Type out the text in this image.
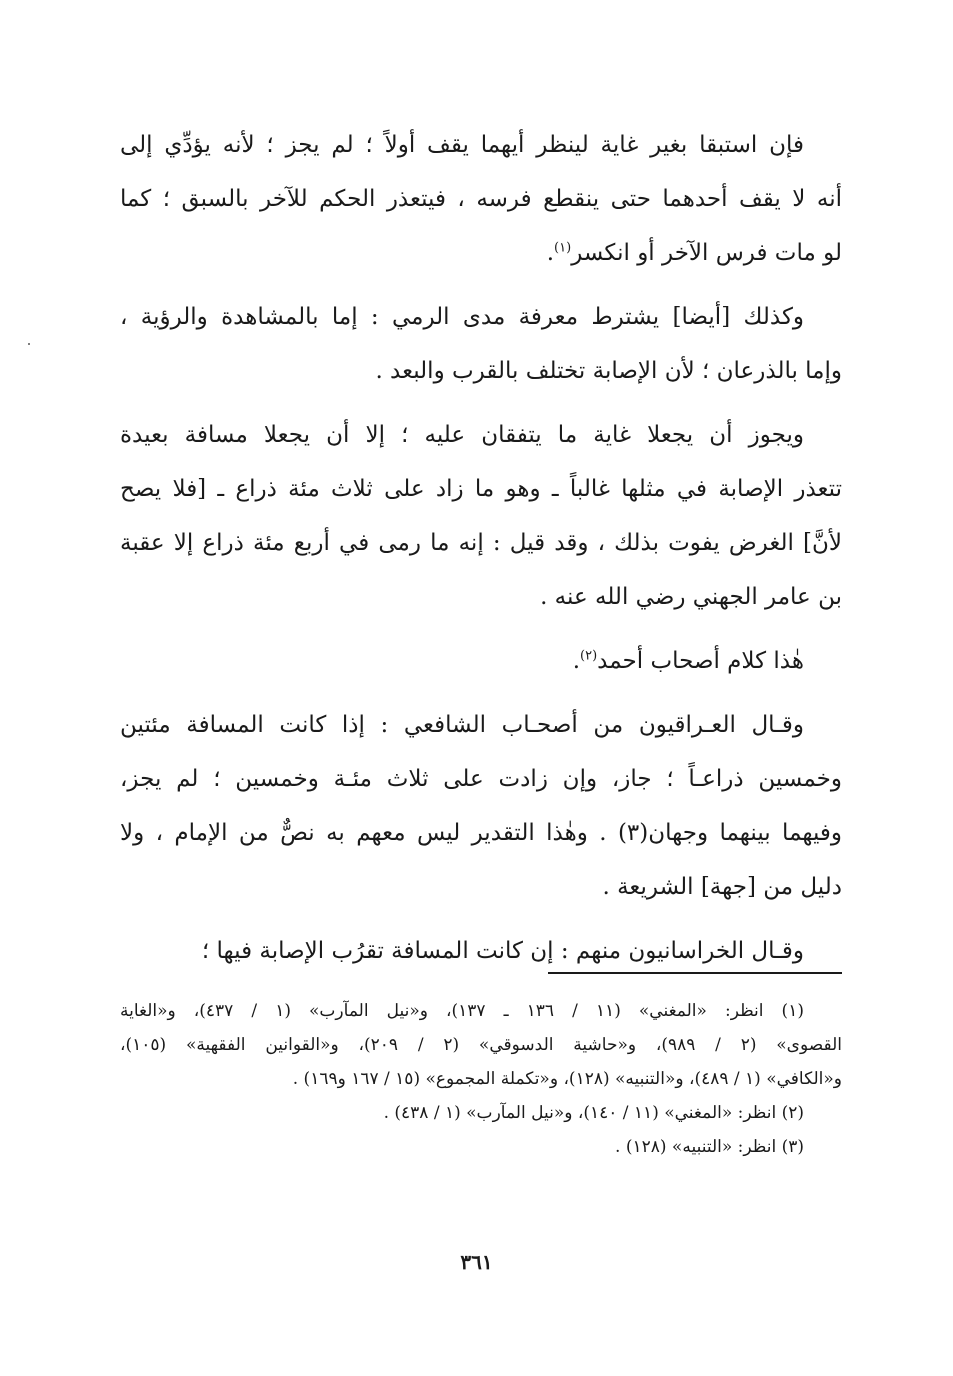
فإن استبقا بغير غاية لينظر أيهما يقف أولاً ؛ لم يجز ؛ لأنه يؤدِّي إلى
أنه لا يقف أحدهما حتى ينقطع فرسه ، فيتعذر الحكم للآخر بالسبق ؛ كما
لو مات فرس الآخر أو انكسر$^{(١)}$.

وكذلك [أيضا] يشترط معرفة مدى الرمي : إما بالمشاهدة والرؤية ،
وإما بالذرعان ؛ لأن الإصابة تختلف بالقرب والبعد .

ويجوز أن يجعلا غاية ما يتفقان عليه ؛ إلا أن يجعلا مسافة بعيدة
تتعذر الإصابة في مثلها غالباً ـ وهو ما زاد على ثلاث مئة ذراع ـ [فلا يصح
لأنَّ] الغرض يفوت بذلك ، وقد قيل : إنه ما رمى في أربع مئة ذراع إلا عقبة
بن عامر الجهني رضي الله عنه .

هٰذا كلام أصحاب أحمد$^{(٢)}$.

وقـال العـراقيون من أصحـاب الشافعي : إذا كانت المسافة مئتين
وخمسين ذراعـاً ؛ جاز، وإن زادت على ثلاث مئـة وخمسين ؛ لم يجز،
وفيهما بينهما وجهان(٣) . وهٰذا التقدير ليس معهم به نصٌّ من الإمام ، ولا
دليل من [جهة] الشريعة .

وقـال الخراسانيون منهم : إن كانت المسافة تقرُب الإصابة فيها ؛

(١) انظر: «المغني» (١١ / ١٣٦ ـ ١٣٧)، و«نيل المآرب» (١ / ٤٣٧)، و«الغاية
القصوى» (٢ / ٩٨٩)، و«حاشية الدسوقي» (٢ / ٢٠٩)، و«القوانين الفقهية» (١٠٥)،
و«الكافي» (١ / ٤٨٩)، و«التنبيه» (١٢٨)، و«تكملة المجموع» (١٥ / ١٦٧ و١٦٩) .
(٢) انظر: «المغني» (١١ / ١٤٠)، و«نيل المآرب» (١ / ٤٣٨) .
(٣) انظر: «التنبيه» (١٢٨) .
٣٦١
